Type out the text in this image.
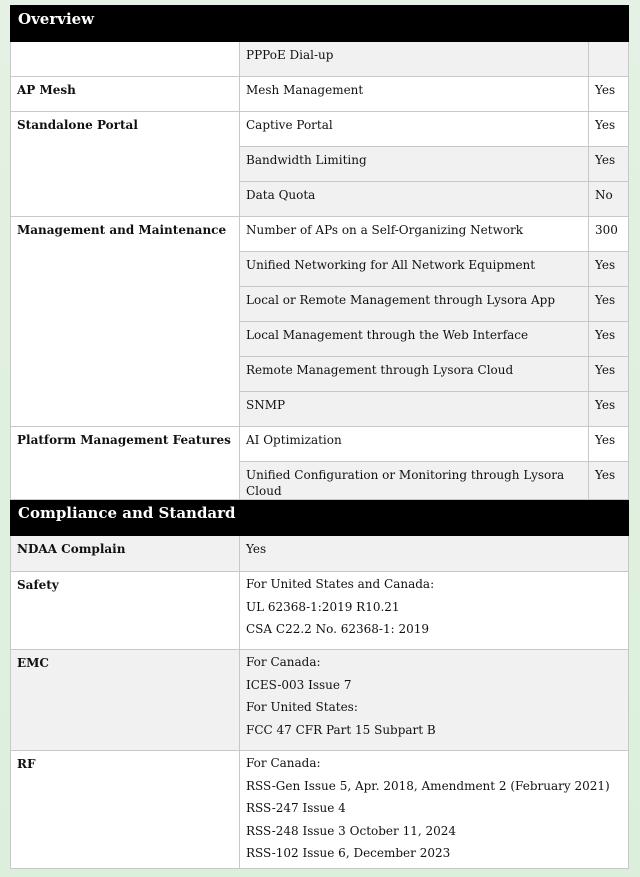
Overview		
	PPPoE Dial-up	
AP Mesh	Mesh Management	Yes
Standalone Portal	Captive Portal	Yes
	Bandwidth Limiting	Yes
	Data Quota	No
Management and Maintenance	Number of APs on a Self-Organizing Network	300
	Unified Networking for All Network Equipment	Yes
	Local or Remote Management through Lysora App	Yes
	Local Management through the Web Interface	Yes
	Remote Management through Lysora Cloud	Yes
	SNMP	Yes
Platform Management Features	AI Optimization	Yes
	Unified Configuration or Monitoring through Lysora Cloud	Yes
Compliance and Standard		
NDAA Complain	Yes	
Safety	For United States and Canada:
UL 62368-1:2019 R10.21
CSA C22.2 No. 62368-1: 2019	

EMC	For Canada:
ICES-003 Issue 7
For United States:
FCC 47 CFR Part 15 Subpart B	

RF	For Canada:
RSS-Gen Issue 5, Apr. 2018, Amendment 2 (February 2021)
RSS-247 Issue 4
RSS-248 Issue 3 October 11, 2024
RSS-102 Issue 6, December 2023	
